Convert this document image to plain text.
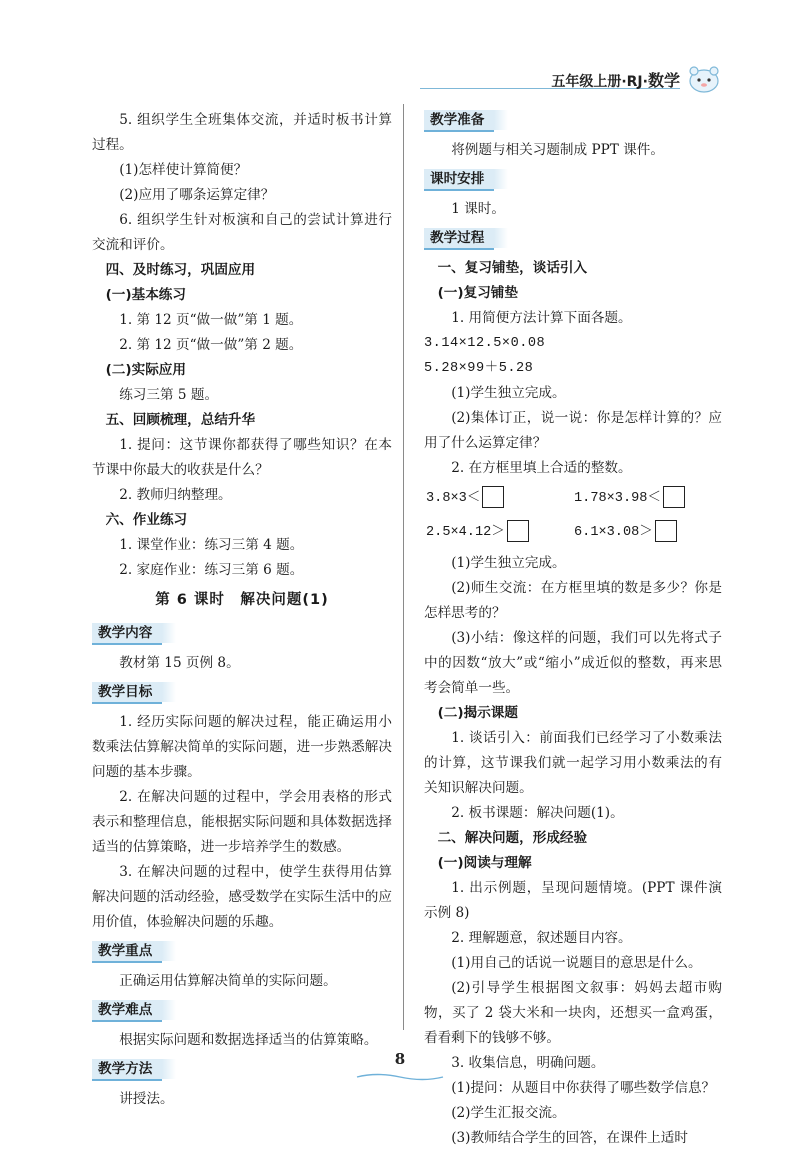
五年级上册·RJ·数学
5. 组织学生全班集体交流，并适时板书计算过程。
(1)怎样使计算简便？
(2)应用了哪条运算定律？
6. 组织学生针对板演和自己的尝试计算进行交流和评价。
四、及时练习，巩固应用
(一)基本练习
1. 第 12 页“做一做”第 1 题。
2. 第 12 页“做一做”第 2 题。
(二)实际应用
练习三第 5 题。
五、回顾梳理，总结升华
1. 提问：这节课你都获得了哪些知识？在本节课中你最大的收获是什么？
2. 教师归纳整理。
六、作业练习
1. 课堂作业：练习三第 4 题。
2. 家庭作业：练习三第 6 题。
第 6 课时　解决问题(1)
教学内容
教材第 15 页例 8。
教学目标
1. 经历实际问题的解决过程，能正确运用小数乘法估算解决简单的实际问题，进一步熟悉解决问题的基本步骤。
2. 在解决问题的过程中，学会用表格的形式表示和整理信息，能根据实际问题和具体数据选择适当的估算策略，进一步培养学生的数感。
3. 在解决问题的过程中，使学生获得用估算解决问题的活动经验，感受数学在实际生活中的应用价值，体验解决问题的乐趣。
教学重点
正确运用估算解决简单的实际问题。
教学难点
根据实际问题和数据选择适当的估算策略。
教学方法
讲授法。
教学准备
将例题与相关习题制成 PPT 课件。
课时安排
1 课时。
教学过程
一、复习铺垫，谈话引入
(一)复习铺垫
1. 用简便方法计算下面各题。
3.14×12.5×0.08
5.28×99＋5.28
(1)学生独立完成。
(2)集体订正，说一说：你是怎样计算的？应用了什么运算定律？
2. 在方框里填上合适的整数。
3.8×3＜	1.78×3.98＜
2.5×4.12＞	6.1×3.08＞
(1)学生独立完成。
(2)师生交流：在方框里填的数是多少？你是怎样思考的？
(3)小结：像这样的问题，我们可以先将式子中的因数“放大”或“缩小”成近似的整数，再来思考会简单一些。
(二)揭示课题
1. 谈话引入：前面我们已经学习了小数乘法的计算，这节课我们就一起学习用小数乘法的有关知识解决问题。
2. 板书课题：解决问题(1)。
二、解决问题，形成经验
(一)阅读与理解
1. 出示例题，呈现问题情境。(PPT 课件演示例 8)
2. 理解题意，叙述题目内容。
(1)用自己的话说一说题目的意思是什么。
(2)引导学生根据图文叙事：妈妈去超市购物，买了 2 袋大米和一块肉，还想买一盒鸡蛋，看看剩下的钱够不够。
3. 收集信息，明确问题。
(1)提问：从题目中你获得了哪些数学信息？
(2)学生汇报交流。
(3)教师结合学生的回答，在课件上适时
8
